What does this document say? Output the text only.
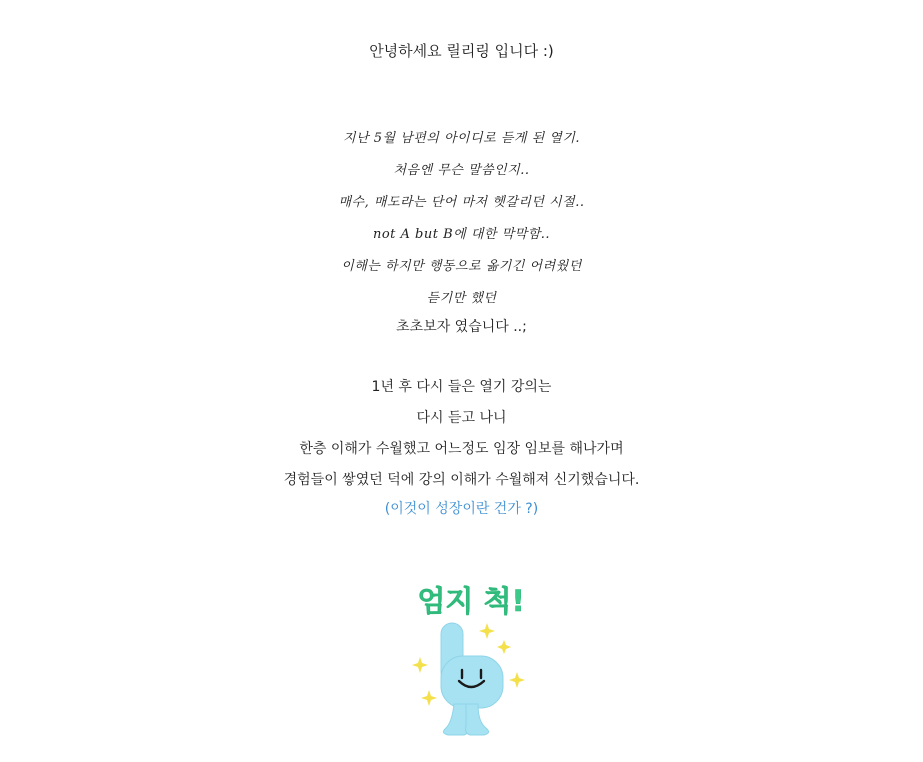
안녕하세요 릴리링 입니다 :)
지난 5월 남편의 아이디로 듣게 된 열기.
처음엔 무슨 말씀인지..
매수, 매도라는 단어 마저 헷갈리던 시절..
not A but B에 대한 막막함..
이해는 하지만 행동으로 옮기긴 어려웠던
듣기만 했던
초초보자 였습니다 ..;
1년 후 다시 들은 열기 강의는
다시 듣고 나니
한층 이해가 수월했고 어느정도 임장 임보를 해나가며
경험들이 쌓였던 덕에 강의 이해가 수월해져 신기했습니다.
(이것이 성장이란 건가 ?)
엄지 척!
